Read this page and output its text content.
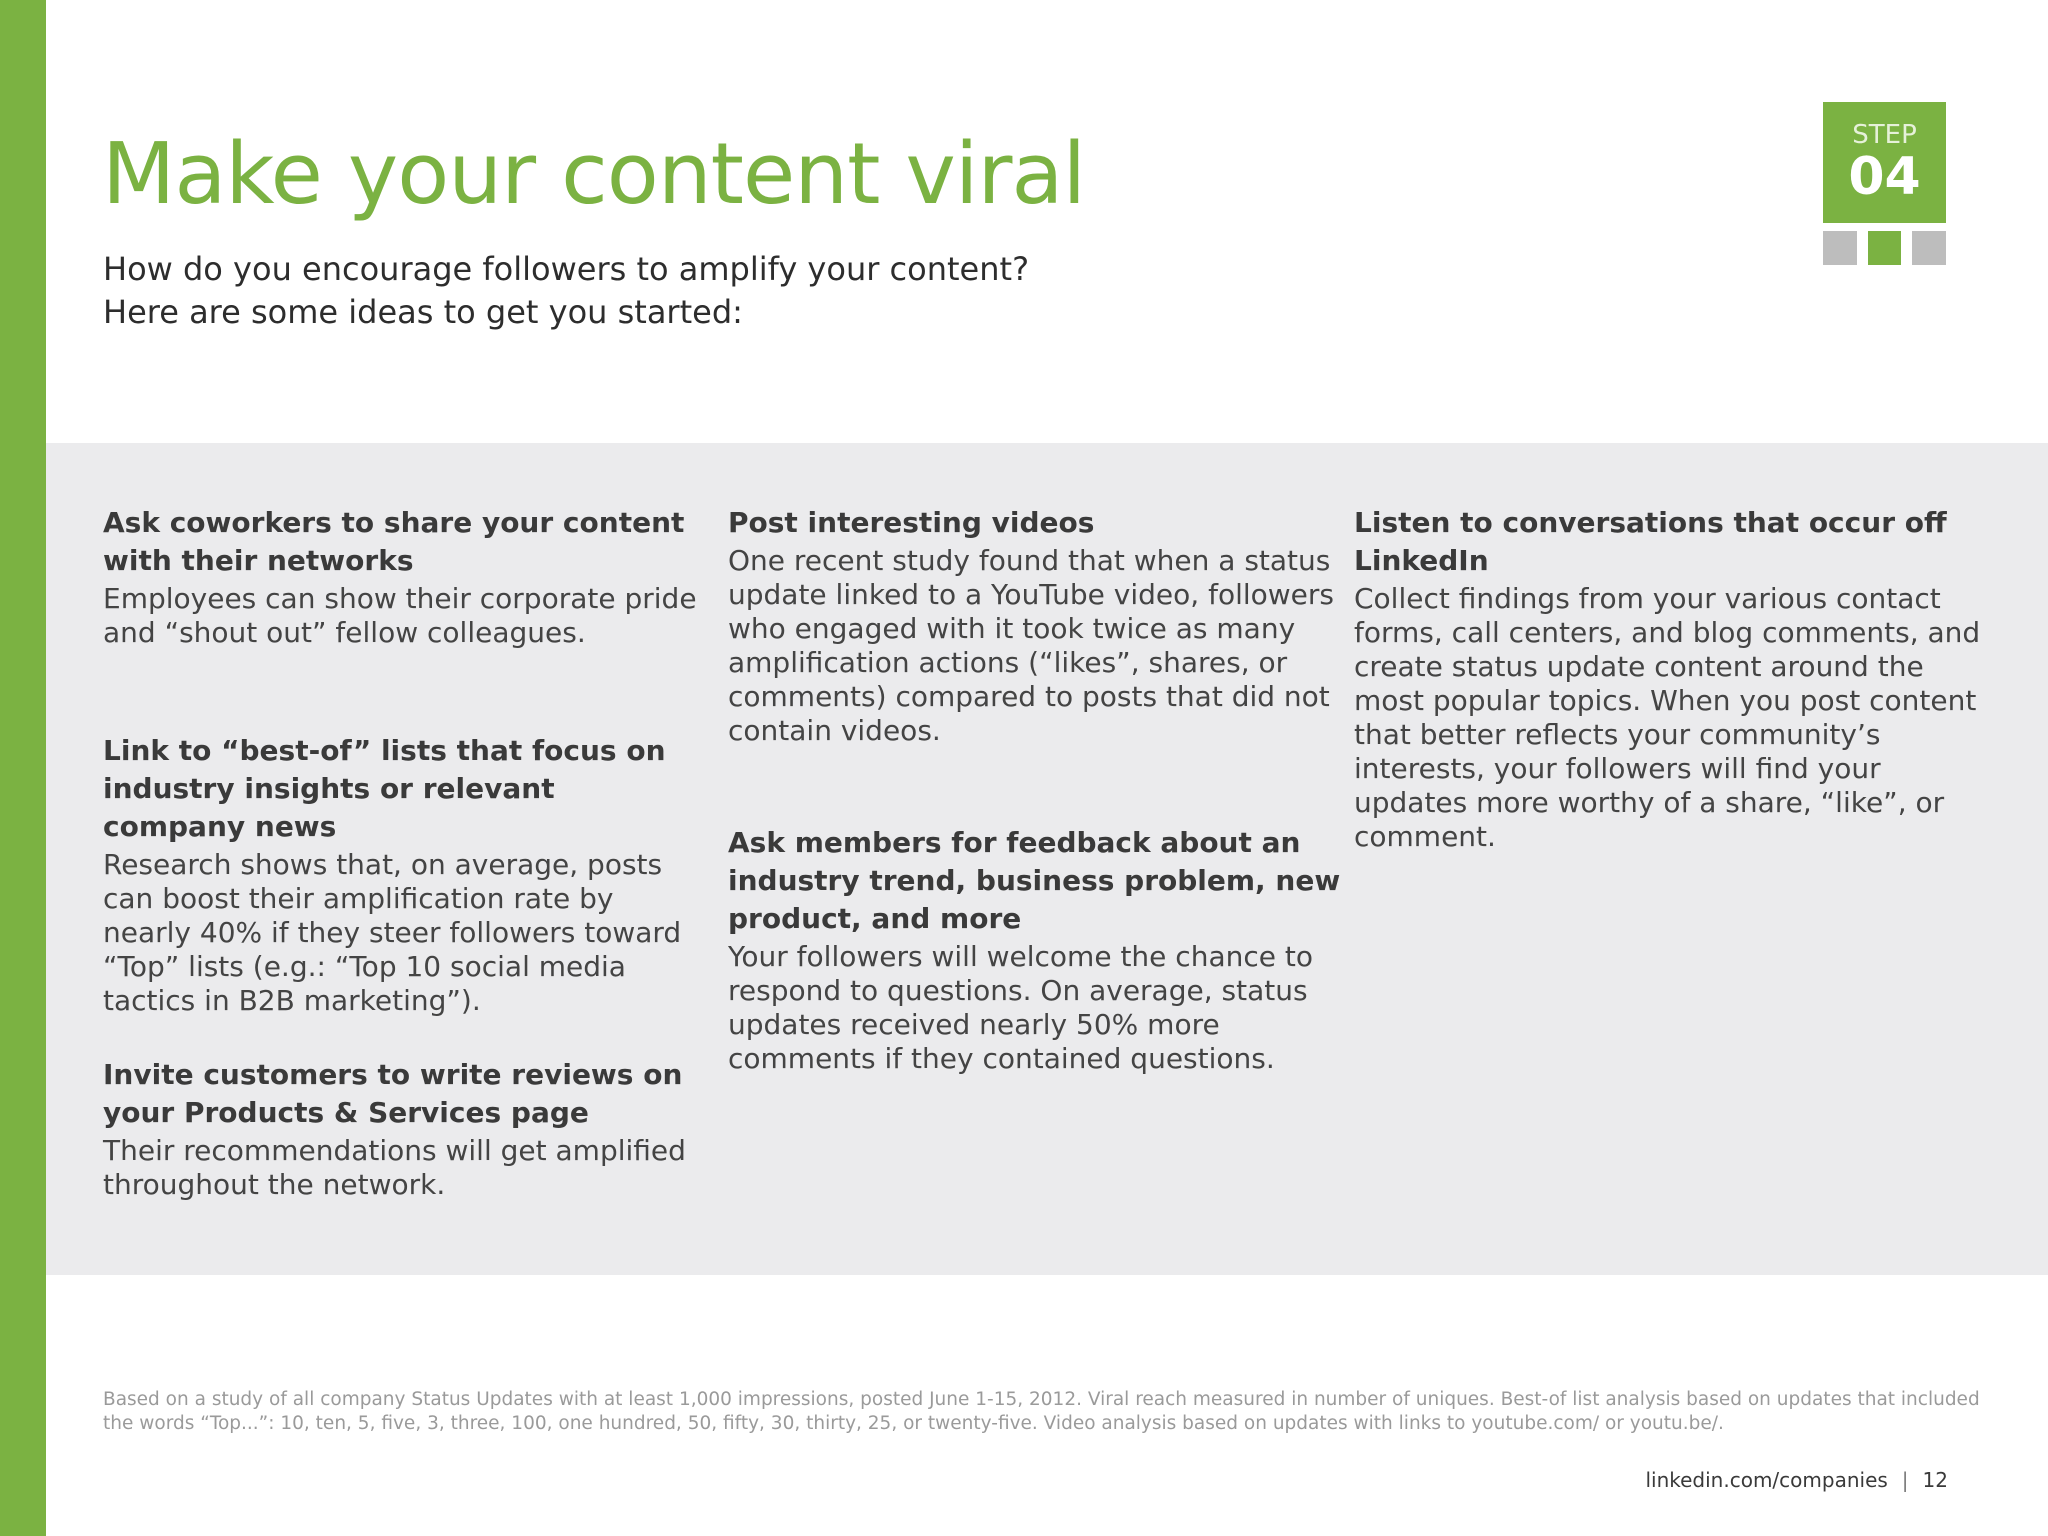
Make your content viral
How do you encourage followers to amplify your content?
Here are some ideas to get you started:
STEP
04
Ask coworkers to share your content with their networks

Employees can show their corporate pride and “shout out” fellow colleagues.

Link to “best-of” lists that focus on industry insights or relevant company news

Research shows that, on average, posts can boost their amplification rate by nearly 40% if they steer followers toward “Top” lists (e.g.: “Top 10 social media tactics in B2B marketing”).

Invite customers to write reviews on your Products & Services page

Their recommendations will get amplified throughout the network.

Post interesting videos

One recent study found that when a status update linked to a YouTube video, followers who engaged with it took twice as many amplification actions (“likes”, shares, or comments) compared to posts that did not contain videos.

Ask members for feedback about an industry trend, business problem, new product, and more

Your followers will welcome the chance to respond to questions. On average, status updates received nearly 50% more comments if they contained questions.

Listen to conversations that occur off LinkedIn

Collect findings from your various contact forms, call centers, and blog comments, and create status update content around the most popular topics. When you post content that better reflects your community’s interests, your followers will find your updates more worthy of a share, “like”, or comment.

Based on a study of all company Status Updates with at least 1,000 impressions, posted June 1-15, 2012. Viral reach measured in number of uniques. Best-of list analysis based on updates that included the words “Top...”: 10, ten, 5, five, 3, three, 100, one hundred, 50, fifty, 30, thirty, 25, or twenty-five. Video analysis based on updates with links to youtube.com/ or youtu.be/.

linkedin.com/companies | 12
